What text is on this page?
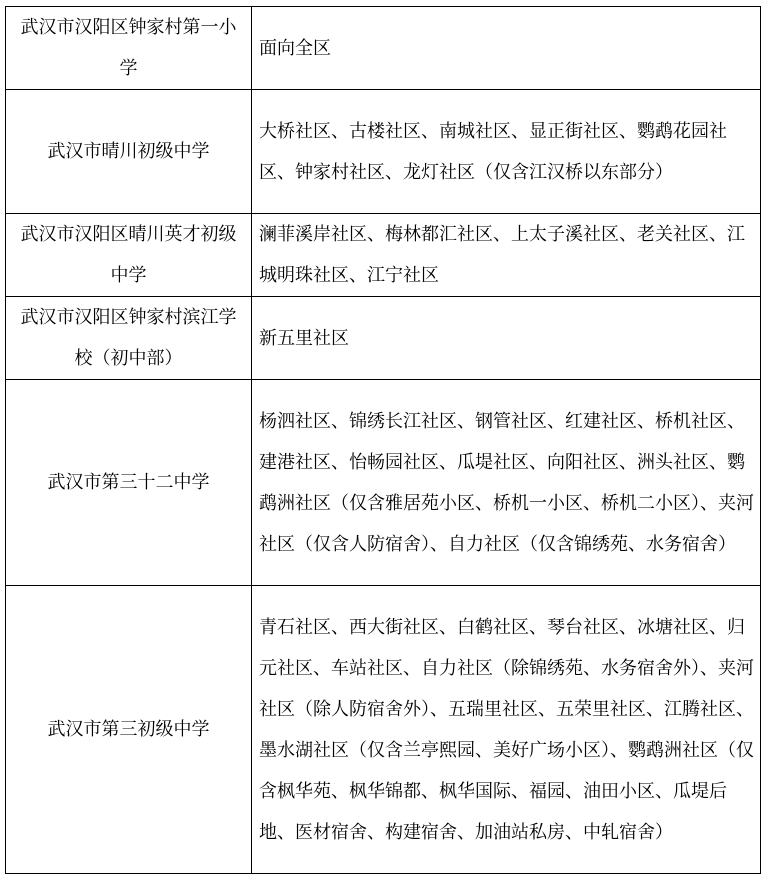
武汉市汉阳区钟家村第一小学	面向全区
武汉市晴川初级中学	大桥社区、古楼社区、南城社区、显正街社区、鹦鹉花园社区、钟家村社区、龙灯社区（仅含江汉桥以东部分）
武汉市汉阳区晴川英才初级中学	澜菲溪岸社区、梅林都汇社区、上太子溪社区、老关社区、江城明珠社区、江宁社区
武汉市汉阳区钟家村滨江学校（初中部）	新五里社区
武汉市第三十二中学	杨泗社区、锦绣长江社区、钢管社区、红建社区、桥机社区、建港社区、怡畅园社区、瓜堤社区、向阳社区、洲头社区、鹦鹉洲社区（仅含雅居苑小区、桥机一小区、桥机二小区）、夹河社区（仅含人防宿舍）、自力社区（仅含锦绣苑、水务宿舍）
武汉市第三初级中学	青石社区、西大街社区、白鹤社区、琴台社区、冰塘社区、归元社区、车站社区、自力社区（除锦绣苑、水务宿舍外）、夹河社区（除人防宿舍外）、五瑞里社区、五荣里社区、江腾社区、墨水湖社区（仅含兰亭熙园、美好广场小区）、鹦鹉洲社区（仅含枫华苑、枫华锦都、枫华国际、福园、油田小区、瓜堤后地、医材宿舍、构建宿舍、加油站私房、中轧宿舍）
